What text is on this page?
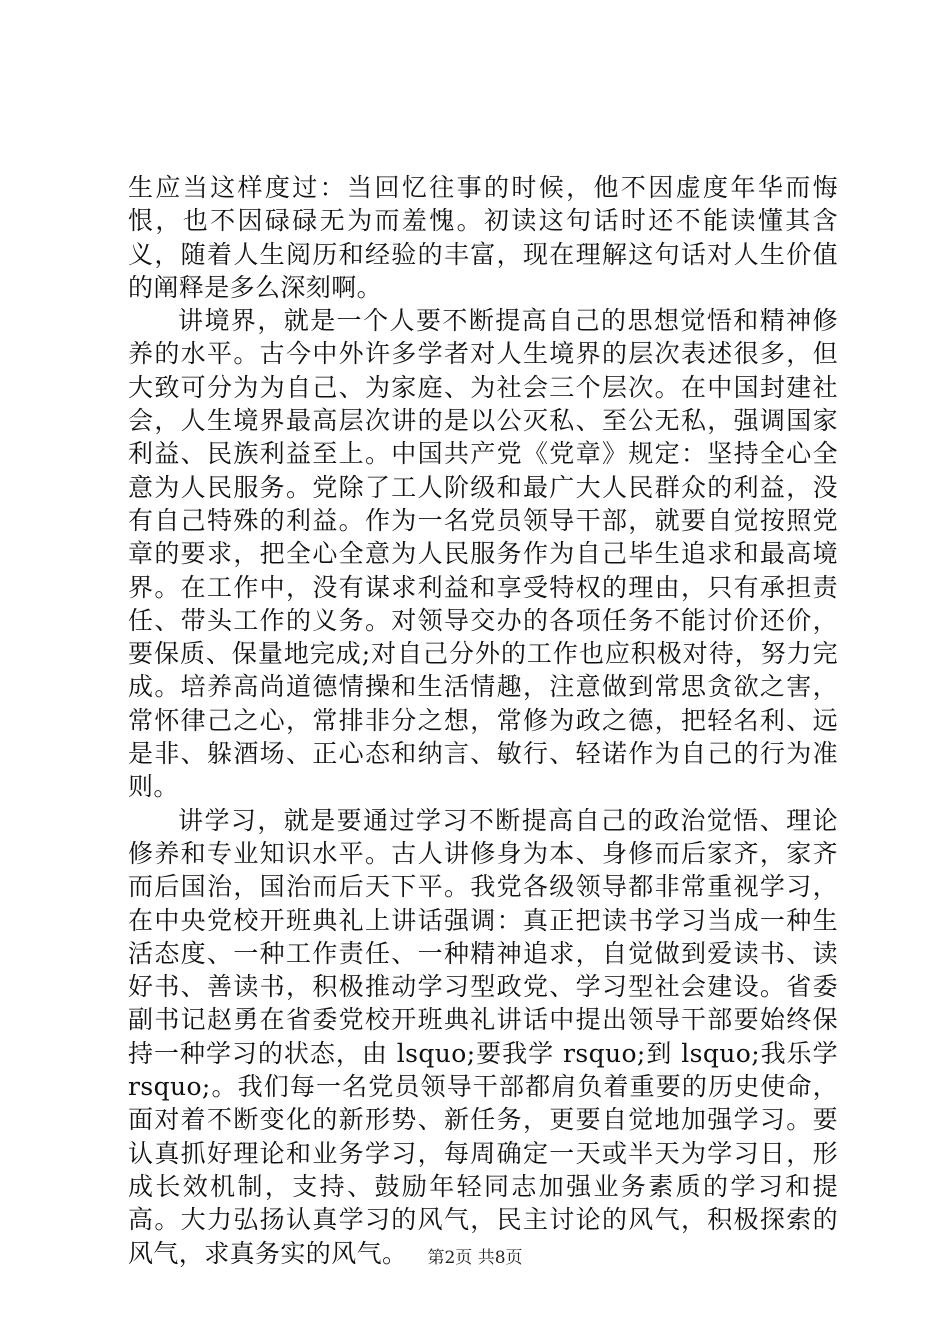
生应当这样度过：当回忆往事的时候，他不因虚度年华而悔恨，也不因碌碌无为而羞愧。初读这句话时还不能读懂其含义，随着人生阅历和经验的丰富，现在理解这句话对人生价值的阐释是多么深刻啊。

讲境界，就是一个人要不断提高自己的思想觉悟和精神修养的水平。古今中外许多学者对人生境界的层次表述很多，但大致可分为为自己、为家庭、为社会三个层次。在中国封建社会，人生境界最高层次讲的是以公灭私、至公无私，强调国家利益、民族利益至上。中国共产党《党章》规定：坚持全心全意为人民服务。党除了工人阶级和最广大人民群众的利益，没有自己特殊的利益。作为一名党员领导干部，就要自觉按照党章的要求，把全心全意为人民服务作为自己毕生追求和最高境界。在工作中，没有谋求利益和享受特权的理由，只有承担责任、带头工作的义务。对领导交办的各项任务不能讨价还价，要保质、保量地完成;对自己分外的工作也应积极对待，努力完成。培养高尚道德情操和生活情趣，注意做到常思贪欲之害，常怀律己之心，常排非分之想，常修为政之德，把轻名利、远是非、躲酒场、正心态和纳言、敏行、轻诺作为自己的行为准则。

讲学习，就是要通过学习不断提高自己的政治觉悟、理论修养和专业知识水平。古人讲修身为本、身修而后家齐，家齐而后国治，国治而后天下平。我党各级领导都非常重视学习，在中央党校开班典礼上讲话强调：真正把读书学习当成一种生活态度、一种工作责任、一种精神追求，自觉做到爱读书、读好书、善读书，积极推动学习型政党、学习型社会建设。省委副书记赵勇在省委党校开班典礼讲话中提出领导干部要始终保持一种学习的状态，由 lsquo;要我学 rsquo;到 lsquo;我乐学 rsquo;。我们每一名党员领导干部都肩负着重要的历史使命，面对着不断变化的新形势、新任务，更要自觉地加强学习。要认真抓好理论和业务学习，每周确定一天或半天为学习日，形成长效机制，支持、鼓励年轻同志加强业务素质的学习和提高。大力弘扬认真学习的风气，民主讨论的风气，积极探索的风气，求真务实的风气。	第2页 共8页
